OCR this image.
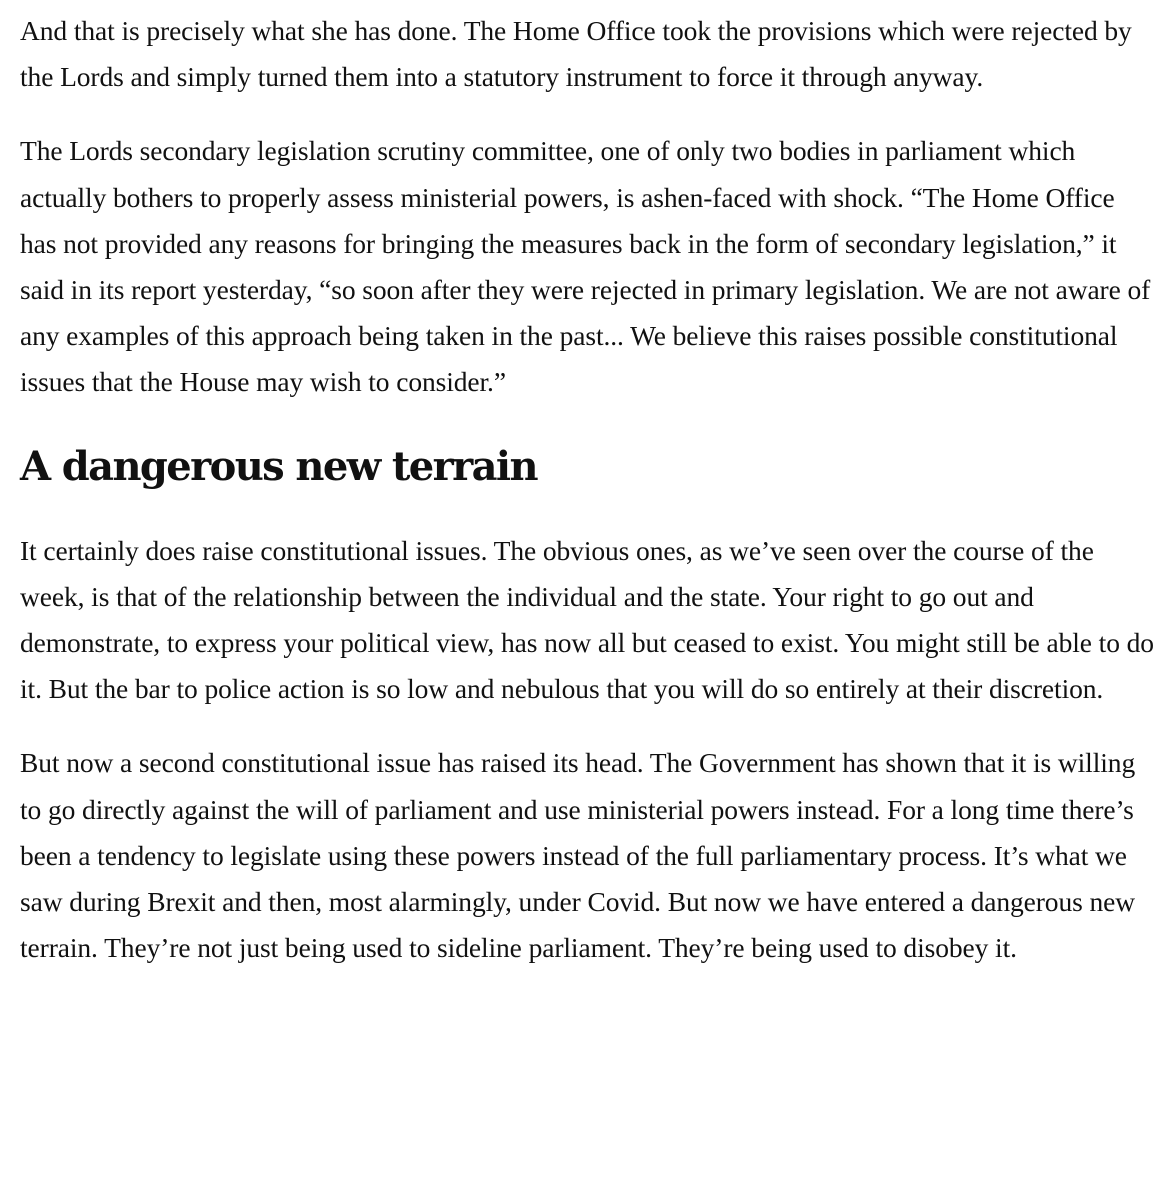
And that is precisely what she has done. The Home Office took the provisions which were rejected by the Lords and simply turned them into a statutory instrument to force it through anyway.

The Lords secondary legislation scrutiny committee, one of only two bodies in parliament which actually bothers to properly assess ministerial powers, is ashen-faced with shock. “The Home Office has not provided any reasons for bringing the measures back in the form of secondary legislation,” it said in its report yesterday, “so soon after they were rejected in primary legislation. We are not aware of any examples of this approach being taken in the past... We believe this raises possible constitutional issues that the House may wish to consider.”

A dangerous new terrain

It certainly does raise constitutional issues. The obvious ones, as we’ve seen over the course of the week, is that of the relationship between the individual and the state. Your right to go out and demonstrate, to express your political view, has now all but ceased to exist. You might still be able to do it. But the bar to police action is so low and nebulous that you will do so entirely at their discretion.

But now a second constitutional issue has raised its head. The Government has shown that it is willing to go directly against the will of parliament and use ministerial powers instead. For a long time there’s been a tendency to legislate using these powers instead of the full parliamentary process. It’s what we saw during Brexit and then, most alarmingly, under Covid. But now we have entered a dangerous new terrain. They’re not just being used to sideline parliament. They’re being used to disobey it.
